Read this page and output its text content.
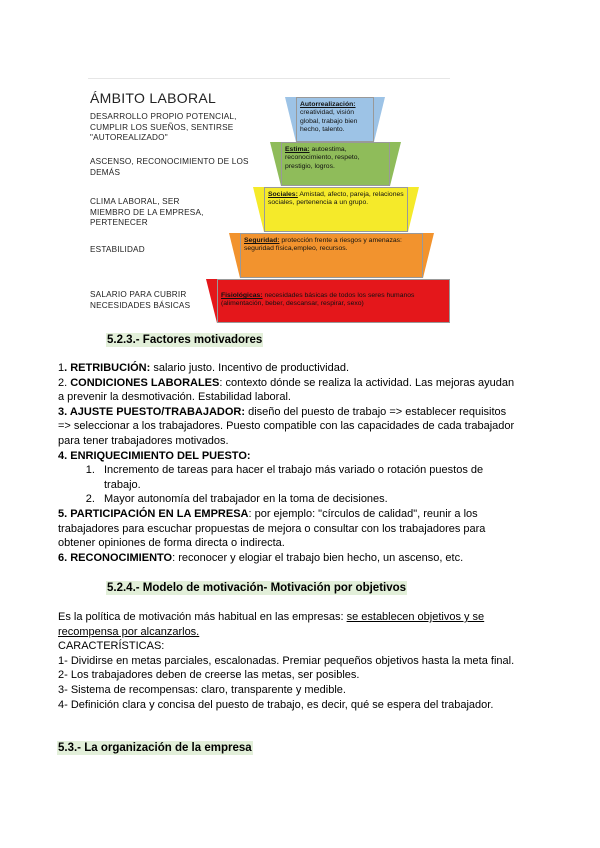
ÁMBITO LABORAL
DESARROLLO PROPIO POTENCIAL, CUMPLIR LOS SUEÑOS, SENTIRSE "AUTOREALIZADO"
ASCENSO, RECONOCIMIENTO DE LOS DEMÁS
CLIMA LABORAL, SER MIEMBRO DE LA EMPRESA, PERTENECER
ESTABILIDAD
SALARIO PARA CUBRIR NECESIDADES BÁSICAS
Autorrealización: creatividad, visión global, trabajo bien hecho, talento.
Estima: autoestima, reconocimiento, respeto, prestigio, logros.
Sociales: Amistad, afecto, pareja, relaciones sociales, pertenencia a un grupo.
Seguridad: protección frente a riesgos y amenazas: seguridad física,empleo, recursos.
Fisiológicas: necesidades básicas de todos los seres humanos (alimentación, beber, descansar, respirar, sexo)
5.2.3.- Factores motivadores

1. RETRIBUCIÓN: salario justo. Incentivo de productividad.

2. CONDICIONES LABORALES: contexto dónde se realiza la actividad. Las mejoras ayudan a prevenir la desmotivación. Estabilidad laboral.

3. AJUSTE PUESTO/TRABAJADOR: diseño del puesto de trabajo => establecer requisitos => seleccionar a los trabajadores. Puesto compatible con las capacidades de cada trabajador para tener trabajadores motivados.

4. ENRIQUECIMIENTO DEL PUESTO:

1. Incremento de tareas para hacer el trabajo más variado o rotación puestos de trabajo.
2. Mayor autonomía del trabajador en la toma de decisiones.

5. PARTICIPACIÓN EN LA EMPRESA: por ejemplo: "círculos de calidad", reunir a los trabajadores para escuchar propuestas de mejora o consultar con los trabajadores para obtener opiniones de forma directa o indirecta.

6. RECONOCIMIENTO: reconocer y elogiar el trabajo bien hecho, un ascenso, etc.

5.2.4.- Modelo de motivación- Motivación por objetivos

Es la política de motivación más habitual en las empresas: se establecen objetivos y se recompensa por alcanzarlos.

CARACTERÍSTICAS:

1- Dividirse en metas parciales, escalonadas. Premiar pequeños objetivos hasta la meta final.

2- Los trabajadores deben de creerse las metas, ser posibles.

3- Sistema de recompensas: claro, transparente y medible.

4- Definición clara y concisa del puesto de trabajo, es decir, qué se espera del trabajador.

5.3.- La organización de la empresa
